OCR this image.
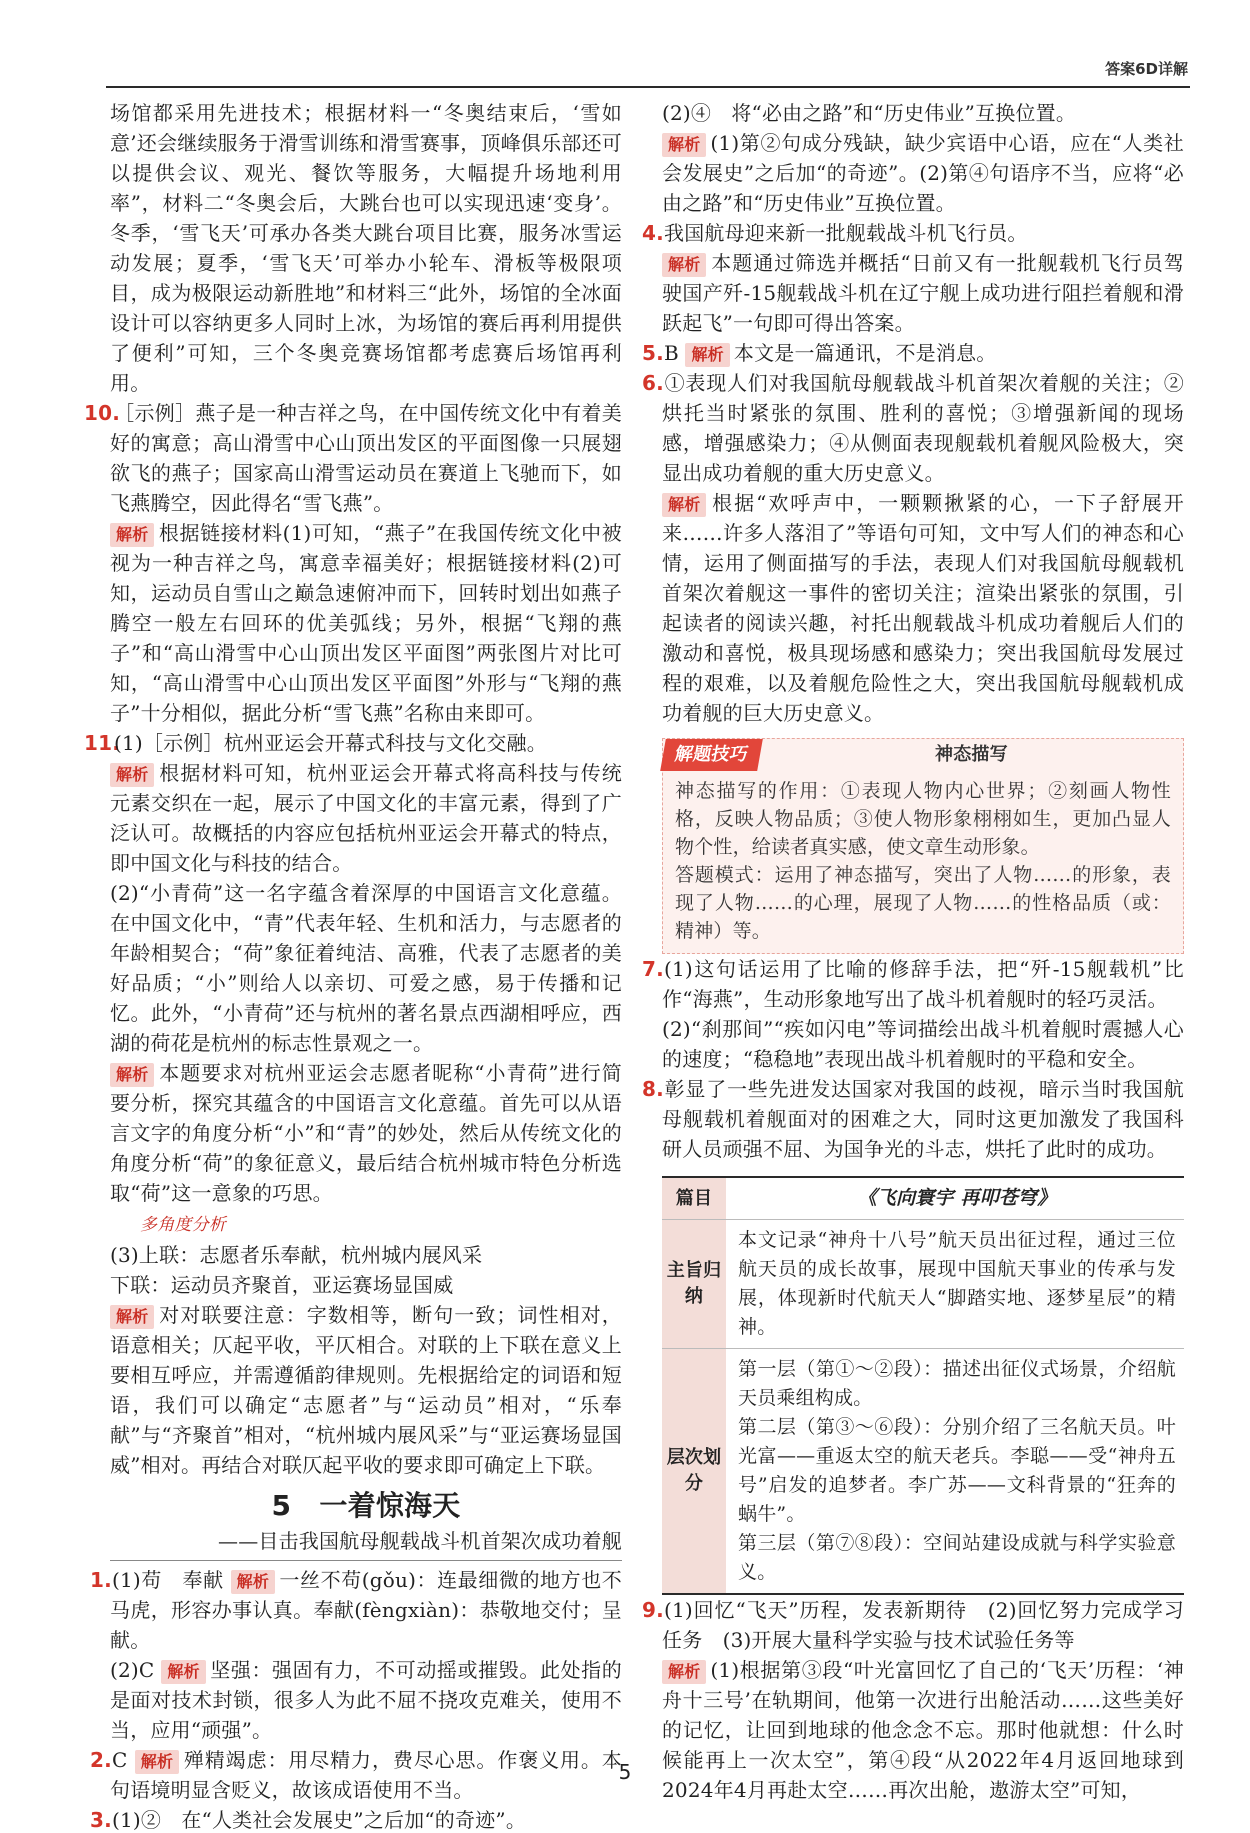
答案6D详解

场馆都采用先进技术；根据材料一“冬奥结束后，‘雪如意’还会继续服务于滑雪训练和滑雪赛事，顶峰俱乐部还可以提供会议、观光、餐饮等服务，大幅提升场地利用率”，材料二“冬奥会后，大跳台也可以实现迅速‘变身’。冬季，‘雪飞天’可承办各类大跳台项目比赛，服务冰雪运动发展；夏季，‘雪飞天’可举办小轮车、滑板等极限项目，成为极限运动新胜地”和材料三“此外，场馆的全冰面设计可以容纳更多人同时上冰，为场馆的赛后再利用提供了便利”可知，三个冬奥竞赛场馆都考虑赛后场馆再利用。

10.［示例］燕子是一种吉祥之鸟，在中国传统文化中有着美好的寓意；高山滑雪中心山顶出发区的平面图像一只展翅欲飞的燕子；国家高山滑雪运动员在赛道上飞驰而下，如飞燕腾空，因此得名“雪飞燕”。

解析 根据链接材料(1)可知，“燕子”在我国传统文化中被视为一种吉祥之鸟，寓意幸福美好；根据链接材料(2)可知，运动员自雪山之巅急速俯冲而下，回转时划出如燕子腾空一般左右回环的优美弧线；另外，根据“飞翔的燕子”和“高山滑雪中心山顶出发区平面图”两张图片对比可知，“高山滑雪中心山顶出发区平面图”外形与“飞翔的燕子”十分相似，据此分析“雪飞燕”名称由来即可。

11.(1)［示例］杭州亚运会开幕式科技与文化交融。

解析 根据材料可知，杭州亚运会开幕式将高科技与传统元素交织在一起，展示了中国文化的丰富元素，得到了广泛认可。故概括的内容应包括杭州亚运会开幕式的特点，即中国文化与科技的结合。

(2)“小青荷”这一名字蕴含着深厚的中国语言文化意蕴。在中国文化中，“青”代表年轻、生机和活力，与志愿者的年龄相契合；“荷”象征着纯洁、高雅，代表了志愿者的美好品质；“小”则给人以亲切、可爱之感，易于传播和记忆。此外，“小青荷”还与杭州的著名景点西湖相呼应，西湖的荷花是杭州的标志性景观之一。

解析 本题要求对杭州亚运会志愿者昵称“小青荷”进行简要分析，探究其蕴含的中国语言文化意蕴。首先可以从语言文字的角度分析“小”和“青”的妙处，然后从传统文化的角度分析“荷”的象征意义，最后结合杭州城市特色分析选取“荷”这一意象的巧思。

多角度分析

(3)上联：志愿者乐奉献，杭州城内展风采

下联：运动员齐聚首，亚运赛场显国威

解析 对对联要注意：字数相等，断句一致；词性相对，语意相关；仄起平收，平仄相合。对联的上下联在意义上要相互呼应，并需遵循韵律规则。先根据给定的词语和短语，我们可以确定“志愿者”与“运动员”相对，“乐奉献”与“齐聚首”相对，“杭州城内展风采”与“亚运赛场显国威”相对。再结合对联仄起平收的要求即可确定上下联。

5　一着惊海天
——目击我国航母舰载战斗机首架次成功着舰

1.(1)苟　奉献 解析 一丝不苟(gǒu)：连最细微的地方也不马虎，形容办事认真。奉献(fèngxiàn)：恭敬地交付；呈献。

(2)C 解析 坚强：强固有力，不可动摇或摧毁。此处指的是面对技术封锁，很多人为此不屈不挠攻克难关，使用不当，应用“顽强”。

2.C 解析 殚精竭虑：用尽精力，费尽心思。作褒义用。本句语境明显含贬义，故该成语使用不当。

3.(1)②　在“人类社会发展史”之后加“的奇迹”。

(2)④　将“必由之路”和“历史伟业”互换位置。

解析 (1)第②句成分残缺，缺少宾语中心语，应在“人类社会发展史”之后加“的奇迹”。(2)第④句语序不当，应将“必由之路”和“历史伟业”互换位置。

4.我国航母迎来新一批舰载战斗机飞行员。

解析 本题通过筛选并概括“日前又有一批舰载机飞行员驾驶国产歼-15舰载战斗机在辽宁舰上成功进行阻拦着舰和滑跃起飞”一句即可得出答案。

5.B 解析 本文是一篇通讯，不是消息。

6.①表现人们对我国航母舰载战斗机首架次着舰的关注；②烘托当时紧张的氛围、胜利的喜悦；③增强新闻的现场感，增强感染力；④从侧面表现舰载机着舰风险极大，突显出成功着舰的重大历史意义。

解析 根据“欢呼声中，一颗颗揪紧的心，一下子舒展开来……许多人落泪了”等语句可知，文中写人们的神态和心情，运用了侧面描写的手法，表现人们对我国航母舰载机首架次着舰这一事件的密切关注；渲染出紧张的氛围，引起读者的阅读兴趣，衬托出舰载战斗机成功着舰后人们的激动和喜悦，极具现场感和感染力；突出我国航母发展过程的艰难，以及着舰危险性之大，突出我国航母舰载机成功着舰的巨大历史意义。

解题技巧	神态描写

神态描写的作用：①表现人物内心世界；②刻画人物性格，反映人物品质；③使人物形象栩栩如生，更加凸显人物个性，给读者真实感，使文章生动形象。

答题模式：运用了神态描写，突出了人物……的形象，表现了人物……的心理，展现了人物……的性格品质（或：精神）等。

7.(1)这句话运用了比喻的修辞手法，把“歼-15舰载机”比作“海燕”，生动形象地写出了战斗机着舰时的轻巧灵活。

(2)“刹那间”“疾如闪电”等词描绘出战斗机着舰时震撼人心的速度；“稳稳地”表现出战斗机着舰时的平稳和安全。

8.彰显了一些先进发达国家对我国的歧视，暗示当时我国航母舰载机着舰面对的困难之大，同时这更加激发了我国科研人员顽强不屈、为国争光的斗志，烘托了此时的成功。

篇目	《飞向寰宇 再叩苍穹》
主旨归纳
本文记录“神舟十八号”航天员出征过程，通过三位航天员的成长故事，展现中国航天事业的传承与发展，体现新时代航天人“脚踏实地、逐梦星辰”的精神。
层次划分

第一层（第①～②段）：描述出征仪式场景，介绍航天员乘组构成。

第二层（第③～⑥段）：分别介绍了三名航天员。叶光富——重返太空的航天老兵。李聪——受“神舟五号”启发的追梦者。李广苏——文科背景的“狂奔的蜗牛”。

第三层（第⑦⑧段）：空间站建设成就与科学实验意义。

9.(1)回忆“飞天”历程，发表新期待　(2)回忆努力完成学习任务　(3)开展大量科学实验与技术试验任务等

解析 (1)根据第③段“叶光富回忆了自己的‘飞天’历程：‘神舟十三号’在轨期间，他第一次进行出舱活动……这些美好的记忆，让回到地球的他念念不忘。那时他就想：什么时候能再上一次太空”，第④段“从2022年4月返回地球到2024年4月再赴太空……再次出舱，遨游太空”可知，

5
